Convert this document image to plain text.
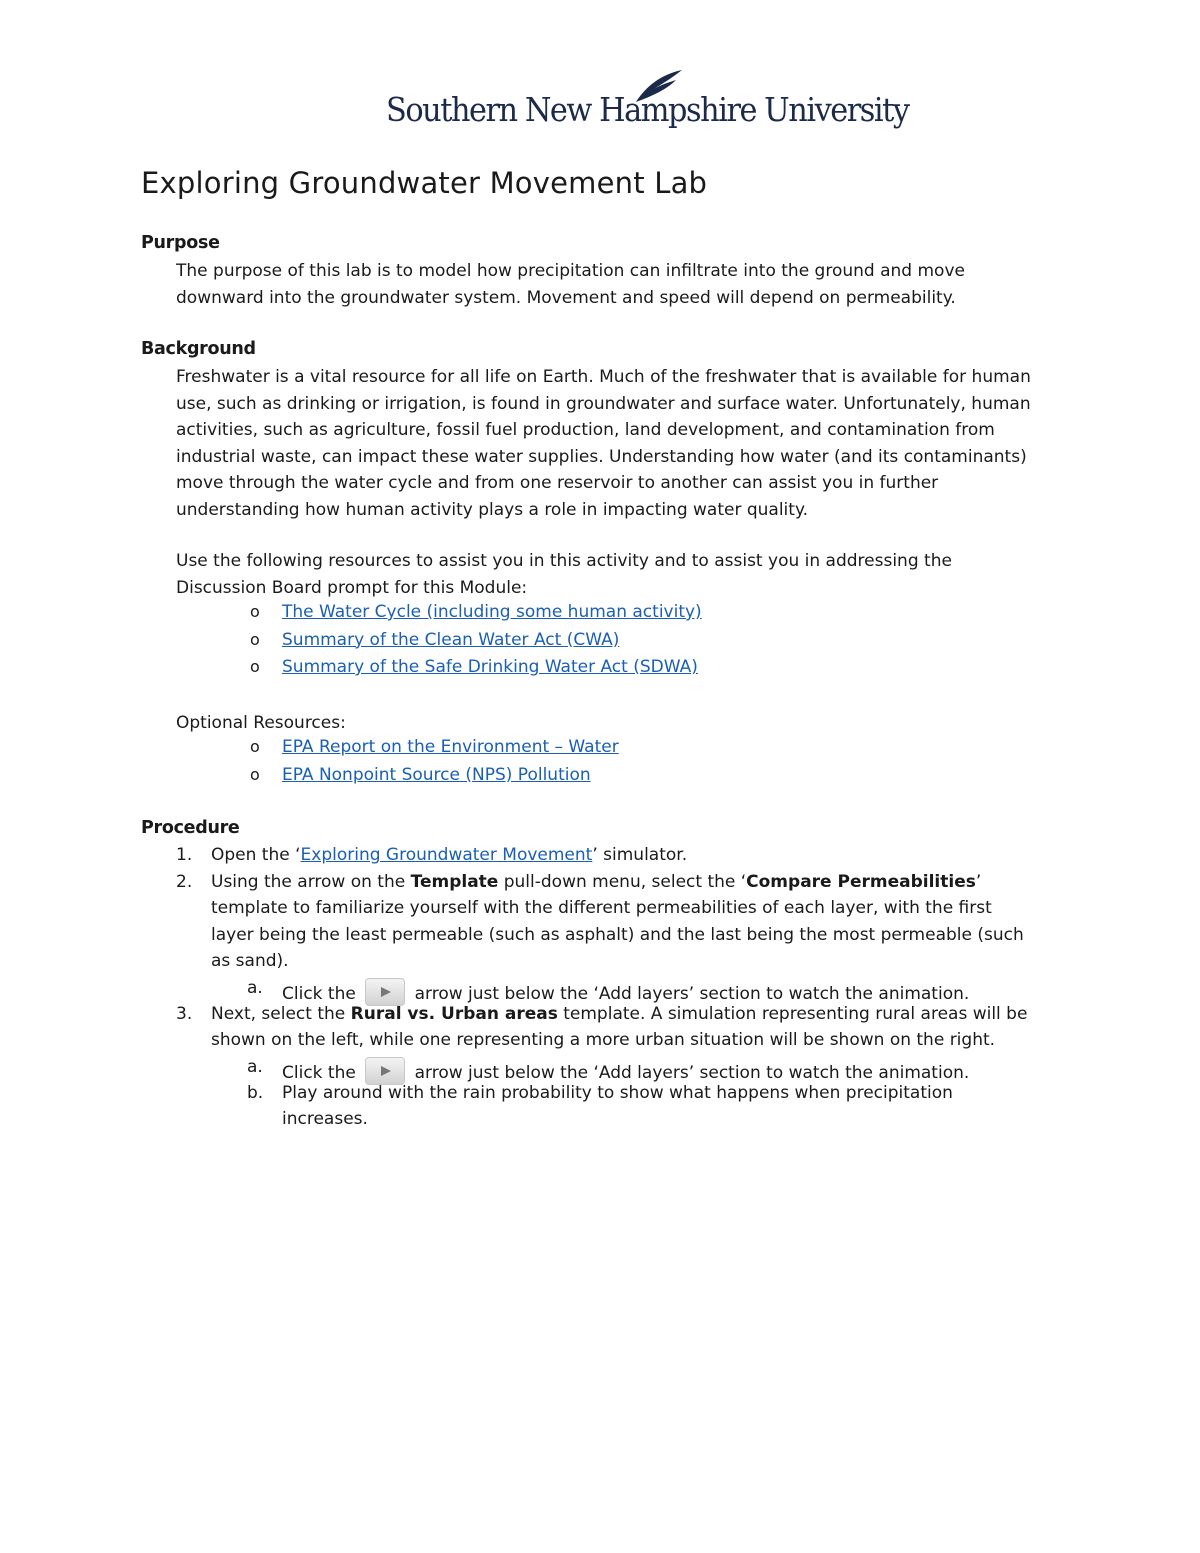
Southern New Hampshire University
Exploring Groundwater Movement Lab
Purpose
The purpose of this lab is to model how precipitation can infiltrate into the ground and move
downward into the groundwater system. Movement and speed will depend on permeability.
Background
Freshwater is a vital resource for all life on Earth. Much of the freshwater that is available for human
use, such as drinking or irrigation, is found in groundwater and surface water. Unfortunately, human
activities, such as agriculture, fossil fuel production, land development, and contamination from
industrial waste, can impact these water supplies. Understanding how water (and its contaminants)
move through the water cycle and from one reservoir to another can assist you in further
understanding how human activity plays a role in impacting water quality.
Use the following resources to assist you in this activity and to assist you in addressing the
Discussion Board prompt for this Module:
o	The Water Cycle (including some human activity)
o	Summary of the Clean Water Act (CWA)
o	Summary of the Safe Drinking Water Act (SDWA)
Optional Resources:
o	EPA Report on the Environment – Water
o	EPA Nonpoint Source (NPS) Pollution
Procedure
1.	Open the ‘Exploring Groundwater Movement’ simulator.
2.	Using the arrow on the Template pull-down menu, select the ‘Compare Permeabilities’
template to familiarize yourself with the different permeabilities of each layer, with the first
layer being the least permeable (such as asphalt) and the last being the most permeable (such
as sand).
a.	Click the	arrow just below the ‘Add layers’ section to watch the animation.
3.	Next, select the Rural vs. Urban areas template. A simulation representing rural areas will be
shown on the left, while one representing a more urban situation will be shown on the right.
a.	Click the	arrow just below the ‘Add layers’ section to watch the animation.
b.	Play around with the rain probability to show what happens when precipitation
increases.
